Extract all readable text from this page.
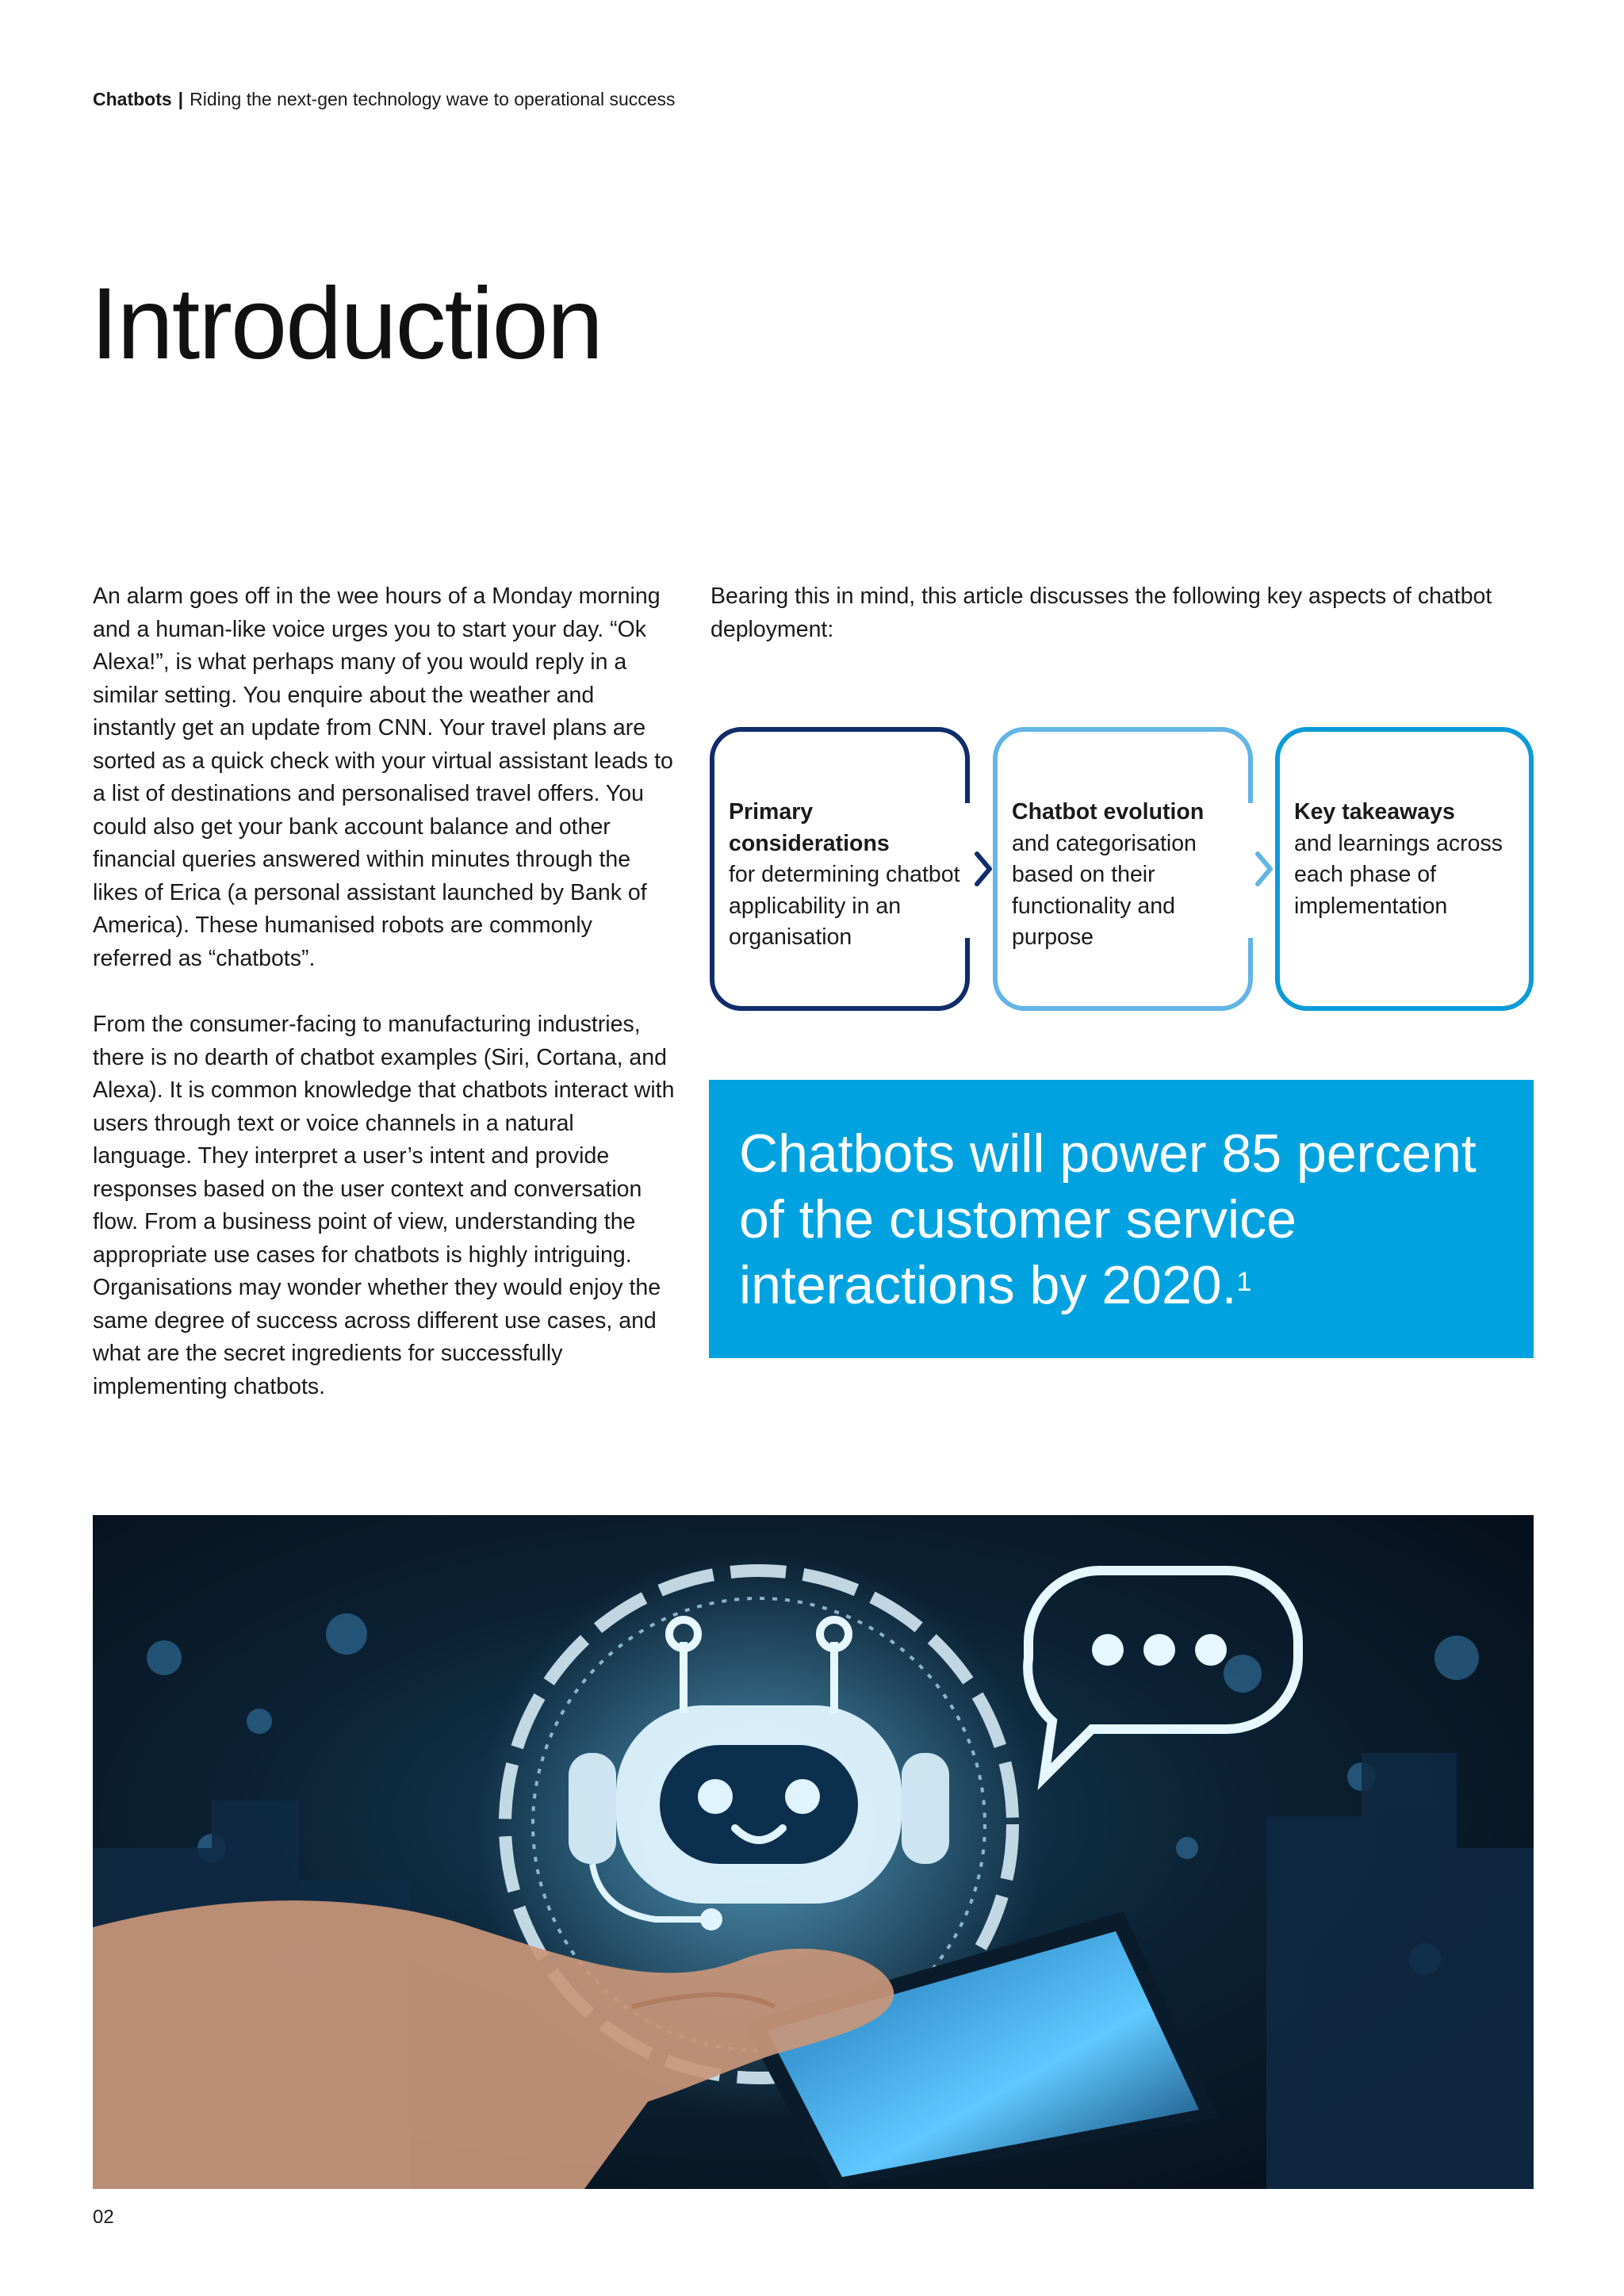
Chatbots | Riding the next-gen technology wave to operational success
Introduction

An alarm goes off in the wee hours of a Monday morning and a human-like voice urges you to start your day. “Ok Alexa!”, is what perhaps many of you would reply in a similar setting. You enquire about the weather and instantly get an update from CNN. Your travel plans are sorted as a quick check with your virtual assistant leads to a list of destinations and personalised travel offers. You could also get your bank account balance and other financial queries answered within minutes through the likes of Erica (a personal assistant launched by Bank of America). These humanised robots are commonly referred as “chatbots”.

From the consumer-facing to manufacturing industries, there is no dearth of chatbot examples (Siri, Cortana, and Alexa). It is common knowledge that chatbots interact with users through text or voice channels in a natural language. They interpret a user’s intent and provide responses based on the user context and conversation flow. From a business point of view, understanding the appropriate use cases for chatbots is highly intriguing. Organisations may wonder whether they would enjoy the same degree of success across different use cases, and what are the secret ingredients for successfully implementing chatbots.

Bearing this in mind, this article discusses the following key aspects of chatbot deployment:

Primary considerations
for determining chatbot applicability in an organisation
Chatbot evolution
and categorisation based on their functionality and purpose
Key takeaways
and learnings across each phase of implementation

Chatbots will power 85 percent of the customer service interactions by 2020.$^1$

02
